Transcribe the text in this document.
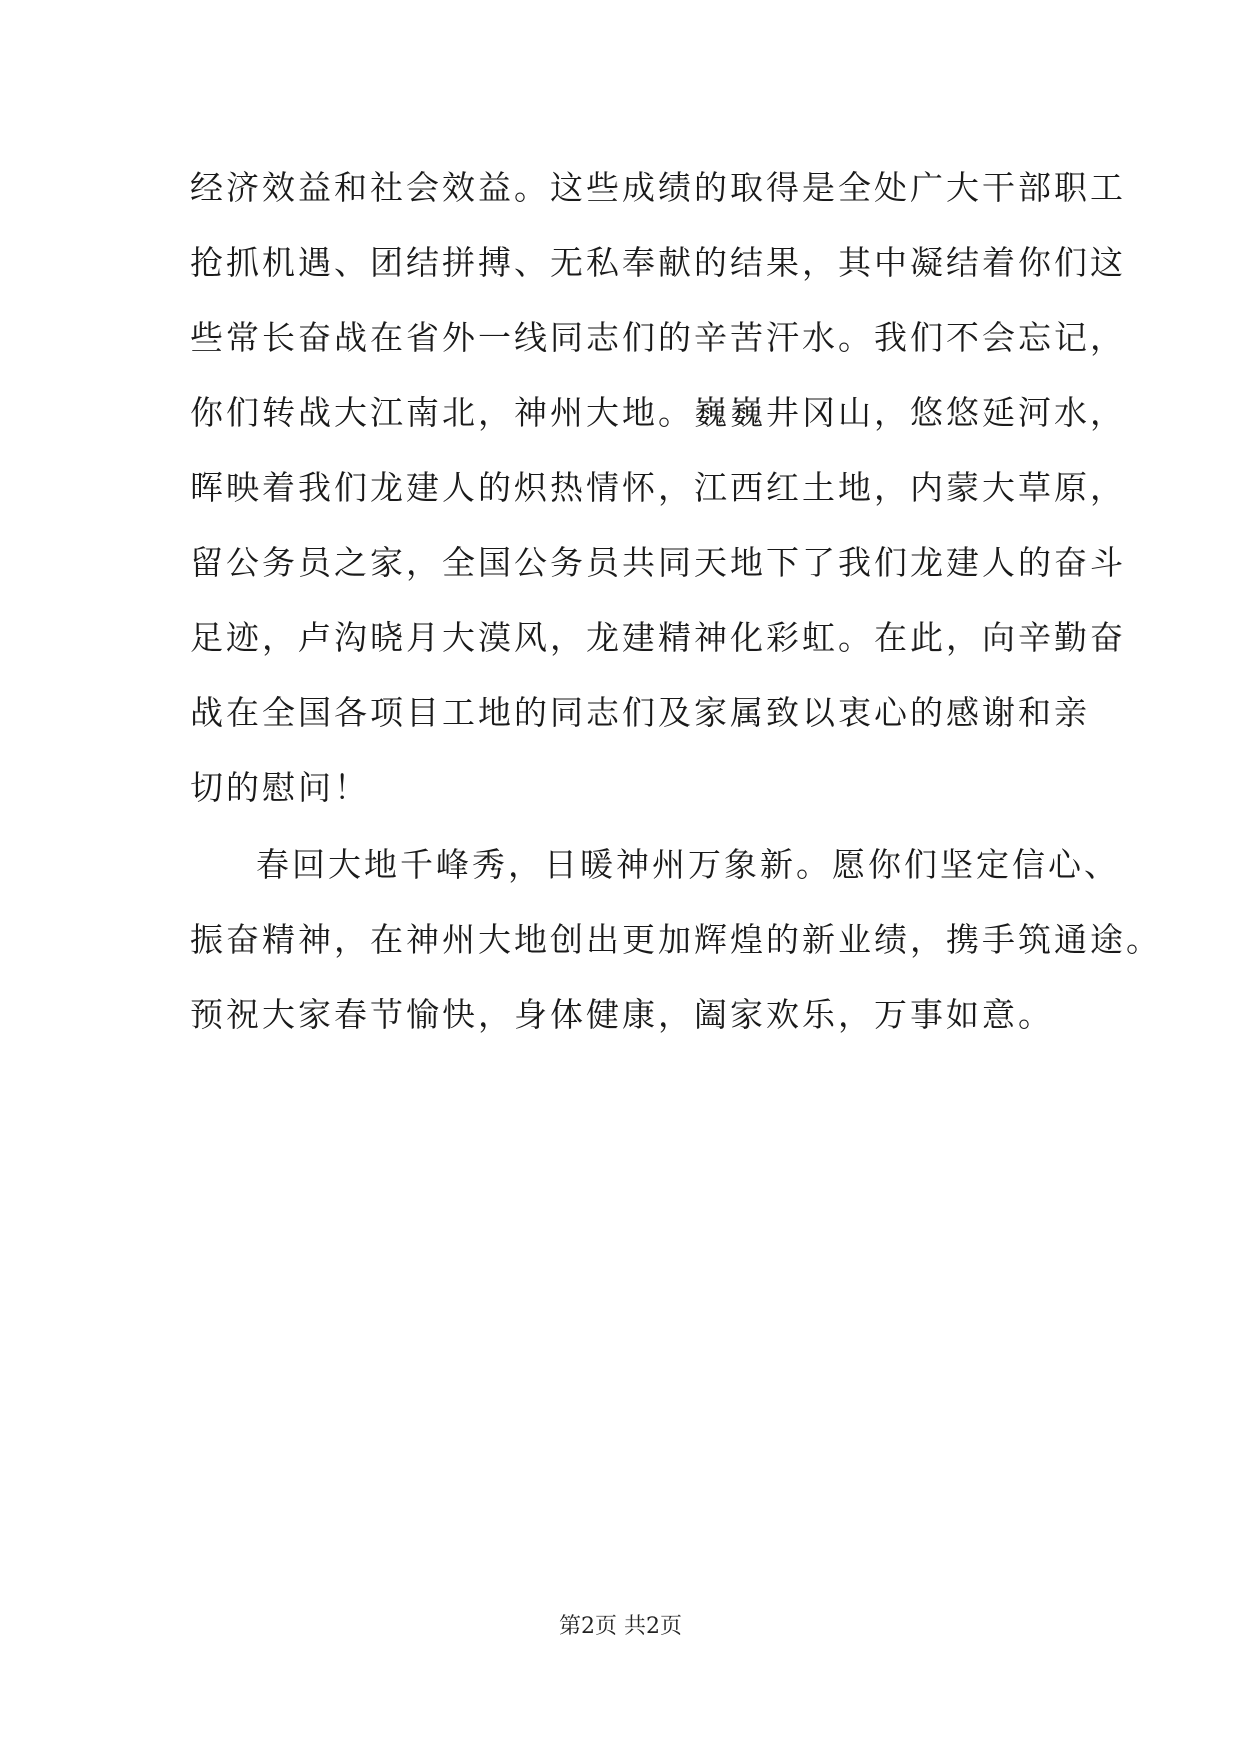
经济效益和社会效益。这些成绩的取得是全处广大干部职工
抢抓机遇、团结拼搏、无私奉献的结果，其中凝结着你们这
些常长奋战在省外一线同志们的辛苦汗水。我们不会忘记，
你们转战大江南北，神州大地。巍巍井冈山，悠悠延河水，
晖映着我们龙建人的炽热情怀，江西红土地，内蒙大草原，
留公务员之家，全国公务员共同天地下了我们龙建人的奋斗
足迹，卢沟晓月大漠风，龙建精神化彩虹。在此，向辛勤奋
战在全国各项目工地的同志们及家属致以衷心的感谢和亲
切的慰问！
春回大地千峰秀，日暖神州万象新。愿你们坚定信心、
振奋精神，在神州大地创出更加辉煌的新业绩，携手筑通途。
预祝大家春节愉快，身体健康，阖家欢乐，万事如意。
第2页 共2页
